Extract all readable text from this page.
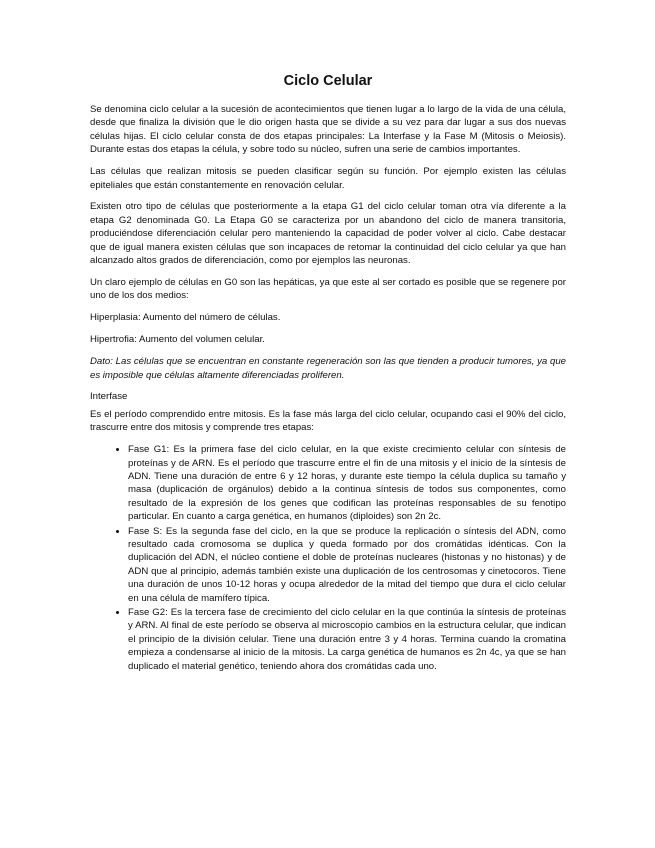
Ciclo Celular

Se denomina ciclo celular a la sucesión de acontecimientos que tienen lugar a lo largo de la vida de una célula, desde que finaliza la división que le dio origen hasta que se divide a su vez para dar lugar a sus dos nuevas células hijas. El ciclo celular consta de dos etapas principales: La Interfase y la Fase M (Mitosis o Meiosis). Durante estas dos etapas la célula, y sobre todo su núcleo, sufren una serie de cambios importantes.

Las células que realizan mitosis se pueden clasificar según su función. Por ejemplo existen las células epiteliales que están constantemente en renovación celular.

Existen otro tipo de células que posteriormente a la etapa G1 del ciclo celular toman otra vía diferente a la etapa G2 denominada G0. La Etapa G0 se caracteriza por un abandono del ciclo de manera transitoria, produciéndose diferenciación celular pero manteniendo la capacidad de poder volver al ciclo. Cabe destacar que de igual manera existen células que son incapaces de retomar la continuidad del ciclo celular ya que han alcanzado altos grados de diferenciación, como por ejemplos las neuronas.

Un claro ejemplo de células en G0 son las hepáticas, ya que este al ser cortado es posible que se regenere por uno de los dos medios:

Hiperplasia: Aumento del número de células.

Hipertrofia: Aumento del volumen celular.

Dato: Las células que se encuentran en constante regeneración son las que tienden a producir tumores, ya que es imposible que células altamente diferenciadas proliferen.

Interfase

Es el período comprendido entre mitosis. Es la fase más larga del ciclo celular, ocupando casi el 90% del ciclo, trascurre entre dos mitosis y comprende tres etapas:

• Fase G1: Es la primera fase del ciclo celular, en la que existe crecimiento celular con síntesis de proteínas y de ARN. Es el período que trascurre entre el fin de una mitosis y el inicio de la síntesis de ADN. Tiene una duración de entre 6 y 12 horas, y durante este tiempo la célula duplica su tamaño y masa (duplicación de orgánulos) debido a la continua síntesis de todos sus componentes, como resultado de la expresión de los genes que codifican las proteínas responsables de su fenotipo particular. En cuanto a carga genética, en humanos (diploides) son 2n 2c.
• Fase S: Es la segunda fase del ciclo, en la que se produce la replicación o síntesis del ADN, como resultado cada cromosoma se duplica y queda formado por dos cromátidas idénticas. Con la duplicación del ADN, el núcleo contiene el doble de proteínas nucleares (histonas y no histonas) y de ADN que al principio, además también existe una duplicación de los centrosomas y cinetocoros. Tiene una duración de unos 10-12 horas y ocupa alrededor de la mitad del tiempo que dura el ciclo celular en una célula de mamífero típica.
• Fase G2: Es la tercera fase de crecimiento del ciclo celular en la que continúa la síntesis de proteínas y ARN. Al final de este período se observa al microscopio cambios en la estructura celular, que indican el principio de la división celular. Tiene una duración entre 3 y 4 horas. Termina cuando la cromatina empieza a condensarse al inicio de la mitosis. La carga genética de humanos es 2n 4c, ya que se han duplicado el material genético, teniendo ahora dos cromátidas cada uno.
